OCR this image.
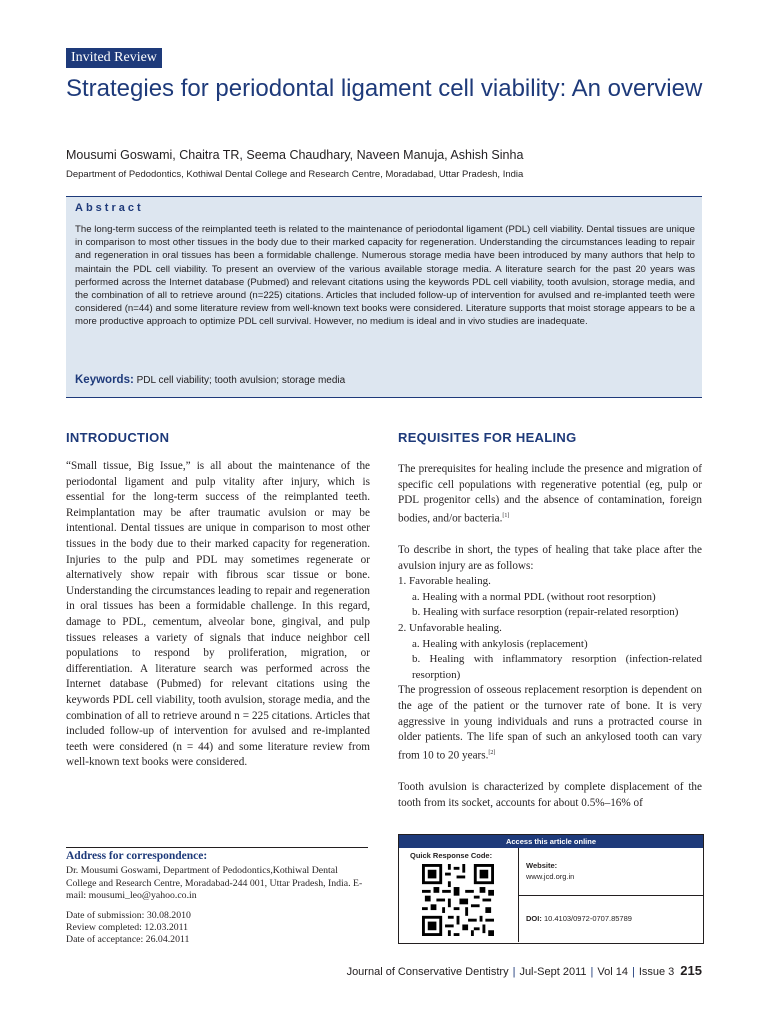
Invited Review
Strategies for periodontal ligament cell viability: An overview
Mousumi Goswami, Chaitra TR, Seema Chaudhary, Naveen Manuja, Ashish Sinha
Department of Pedodontics, Kothiwal Dental College and Research Centre, Moradabad, Uttar Pradesh, India
Abstract
The long-term success of the reimplanted teeth is related to the maintenance of periodontal ligament (PDL) cell viability. Dental tissues are unique in comparison to most other tissues in the body due to their marked capacity for regeneration. Understanding the circumstances leading to repair and regeneration in oral tissues has been a formidable challenge. Numerous storage media have been introduced by many authors that help to maintain the PDL cell viability. To present an overview of the various available storage media. A literature search for the past 20 years was performed across the Internet database (Pubmed) and relevant citations using the keywords PDL cell viability, tooth avulsion, storage media, and the combination of all to retrieve around (n=225) citations. Articles that included follow-up of intervention for avulsed and re-implanted teeth were considered (n=44) and some literature review from well-known text books were considered. Literature supports that moist storage appears to be a more productive approach to optimize PDL cell survival. However, no medium is ideal and in vivo studies are inadequate.
Keywords: PDL cell viability; tooth avulsion; storage media
INTRODUCTION

“Small tissue, Big Issue,” is all about the maintenance of the periodontal ligament and pulp vitality after injury, which is essential for the long-term success of the reimplanted teeth. Reimplantation may be after traumatic avulsion or may be intentional. Dental tissues are unique in comparison to most other tissues in the body due to their marked capacity for regeneration. Injuries to the pulp and PDL may sometimes regenerate or alternatively show repair with fibrous scar tissue or bone. Understanding the circumstances leading to repair and regeneration in oral tissues has been a formidable challenge. In this regard, damage to PDL, cementum, alveolar bone, gingival, and pulp tissues releases a variety of signals that induce neighbor cell populations to respond by proliferation, migration, or differentiation. A literature search was performed across the Internet database (Pubmed) for relevant citations using the keywords PDL cell viability, tooth avulsion, storage media, and the combination of all to retrieve around n = 225 citations. Articles that included follow-up of intervention for avulsed and re-implanted teeth were considered (n = 44) and some literature review from well-known text books were considered.

Address for correspondence:
Dr. Mousumi Goswami, Department of Pedodontics,Kothiwal Dental College and Research Centre, Moradabad-244 001, Uttar Pradesh, India. E-mail: mousumi_leo@yahoo.co.in
Date of submission: 30.08.2010
Review completed: 12.03.2011
Date of acceptance: 26.04.2011
REQUISITES FOR HEALING

The prerequisites for healing include the presence and migration of specific cell populations with regenerative potential (eg, pulp or PDL progenitor cells) and the absence of contamination, foreign bodies, and/or bacteria.[1]

To describe in short, the types of healing that take place after the avulsion injury are as follows:

1. Favorable healing.
a. Healing with a normal PDL (without root resorption)
b. Healing with surface resorption (repair-related resorption)
2. Unfavorable healing.
a. Healing with ankylosis (replacement)
b. Healing with inflammatory resorption (infection-related resorption)

The progression of osseous replacement resorption is dependent on the age of the patient or the turnover rate of bone. It is very aggressive in young individuals and runs a protracted course in older patients. The life span of such an ankylosed tooth can vary from 10 to 20 years.[2]

Tooth avulsion is characterized by complete displacement of the tooth from its socket, accounts for about 0.5%–16% of

Access this article online
Quick Response Code:
Website:
www.jcd.org.in
DOI: 10.4103/0972-0707.85789
Journal of Conservative Dentistry | Jul-Sept 2011 | Vol 14 | Issue 3 215
